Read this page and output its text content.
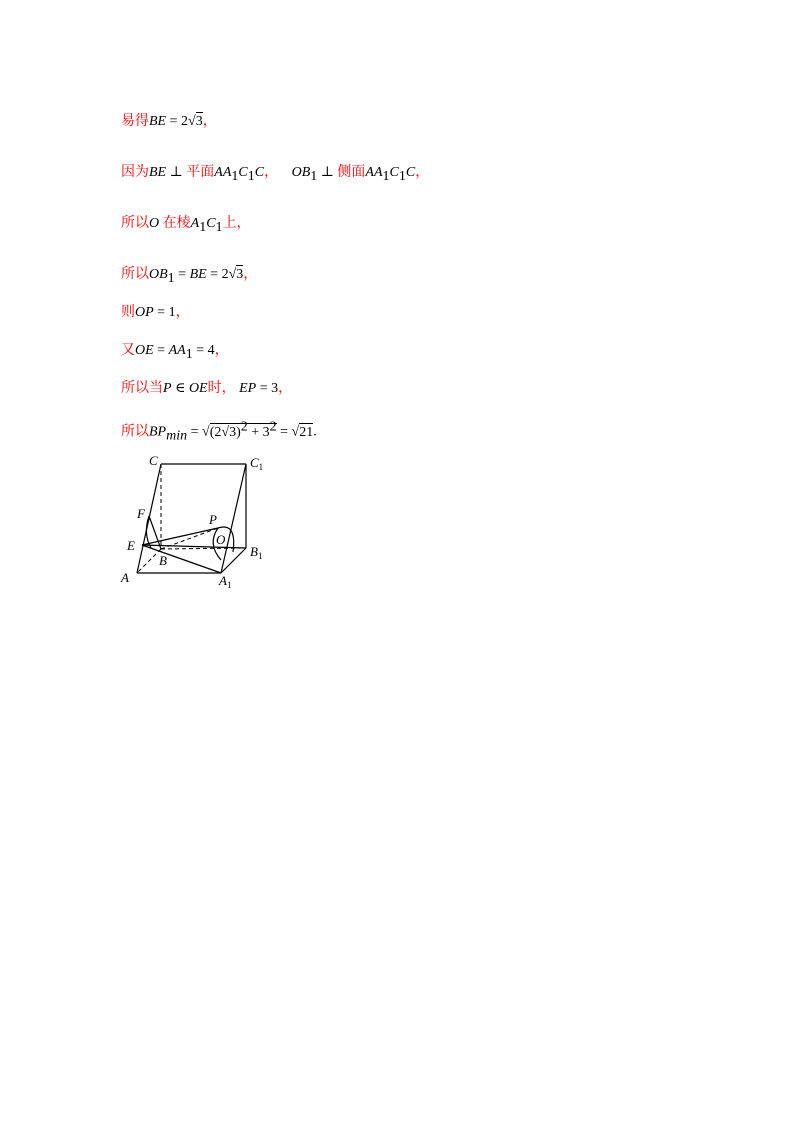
易得BE = 2√3，
因为BE ⊥ 平面$AA_1C_1C$， $OB_1$ ⊥ 侧面$AA_1C_1C$，
所以O 在棱$A_1C_1$上，
所以$OB_1$ = BE = 2√3，
则OP = 1，
又OE = $AA_1 = 4$，
所以当P ∈ OE时， EP = 3，
所以$BP_{min} = √(2√3)^2 + 3^2 = √21$.
C	$C_1$
F	P
E	O
B
$B_1$
A	$A_1$
